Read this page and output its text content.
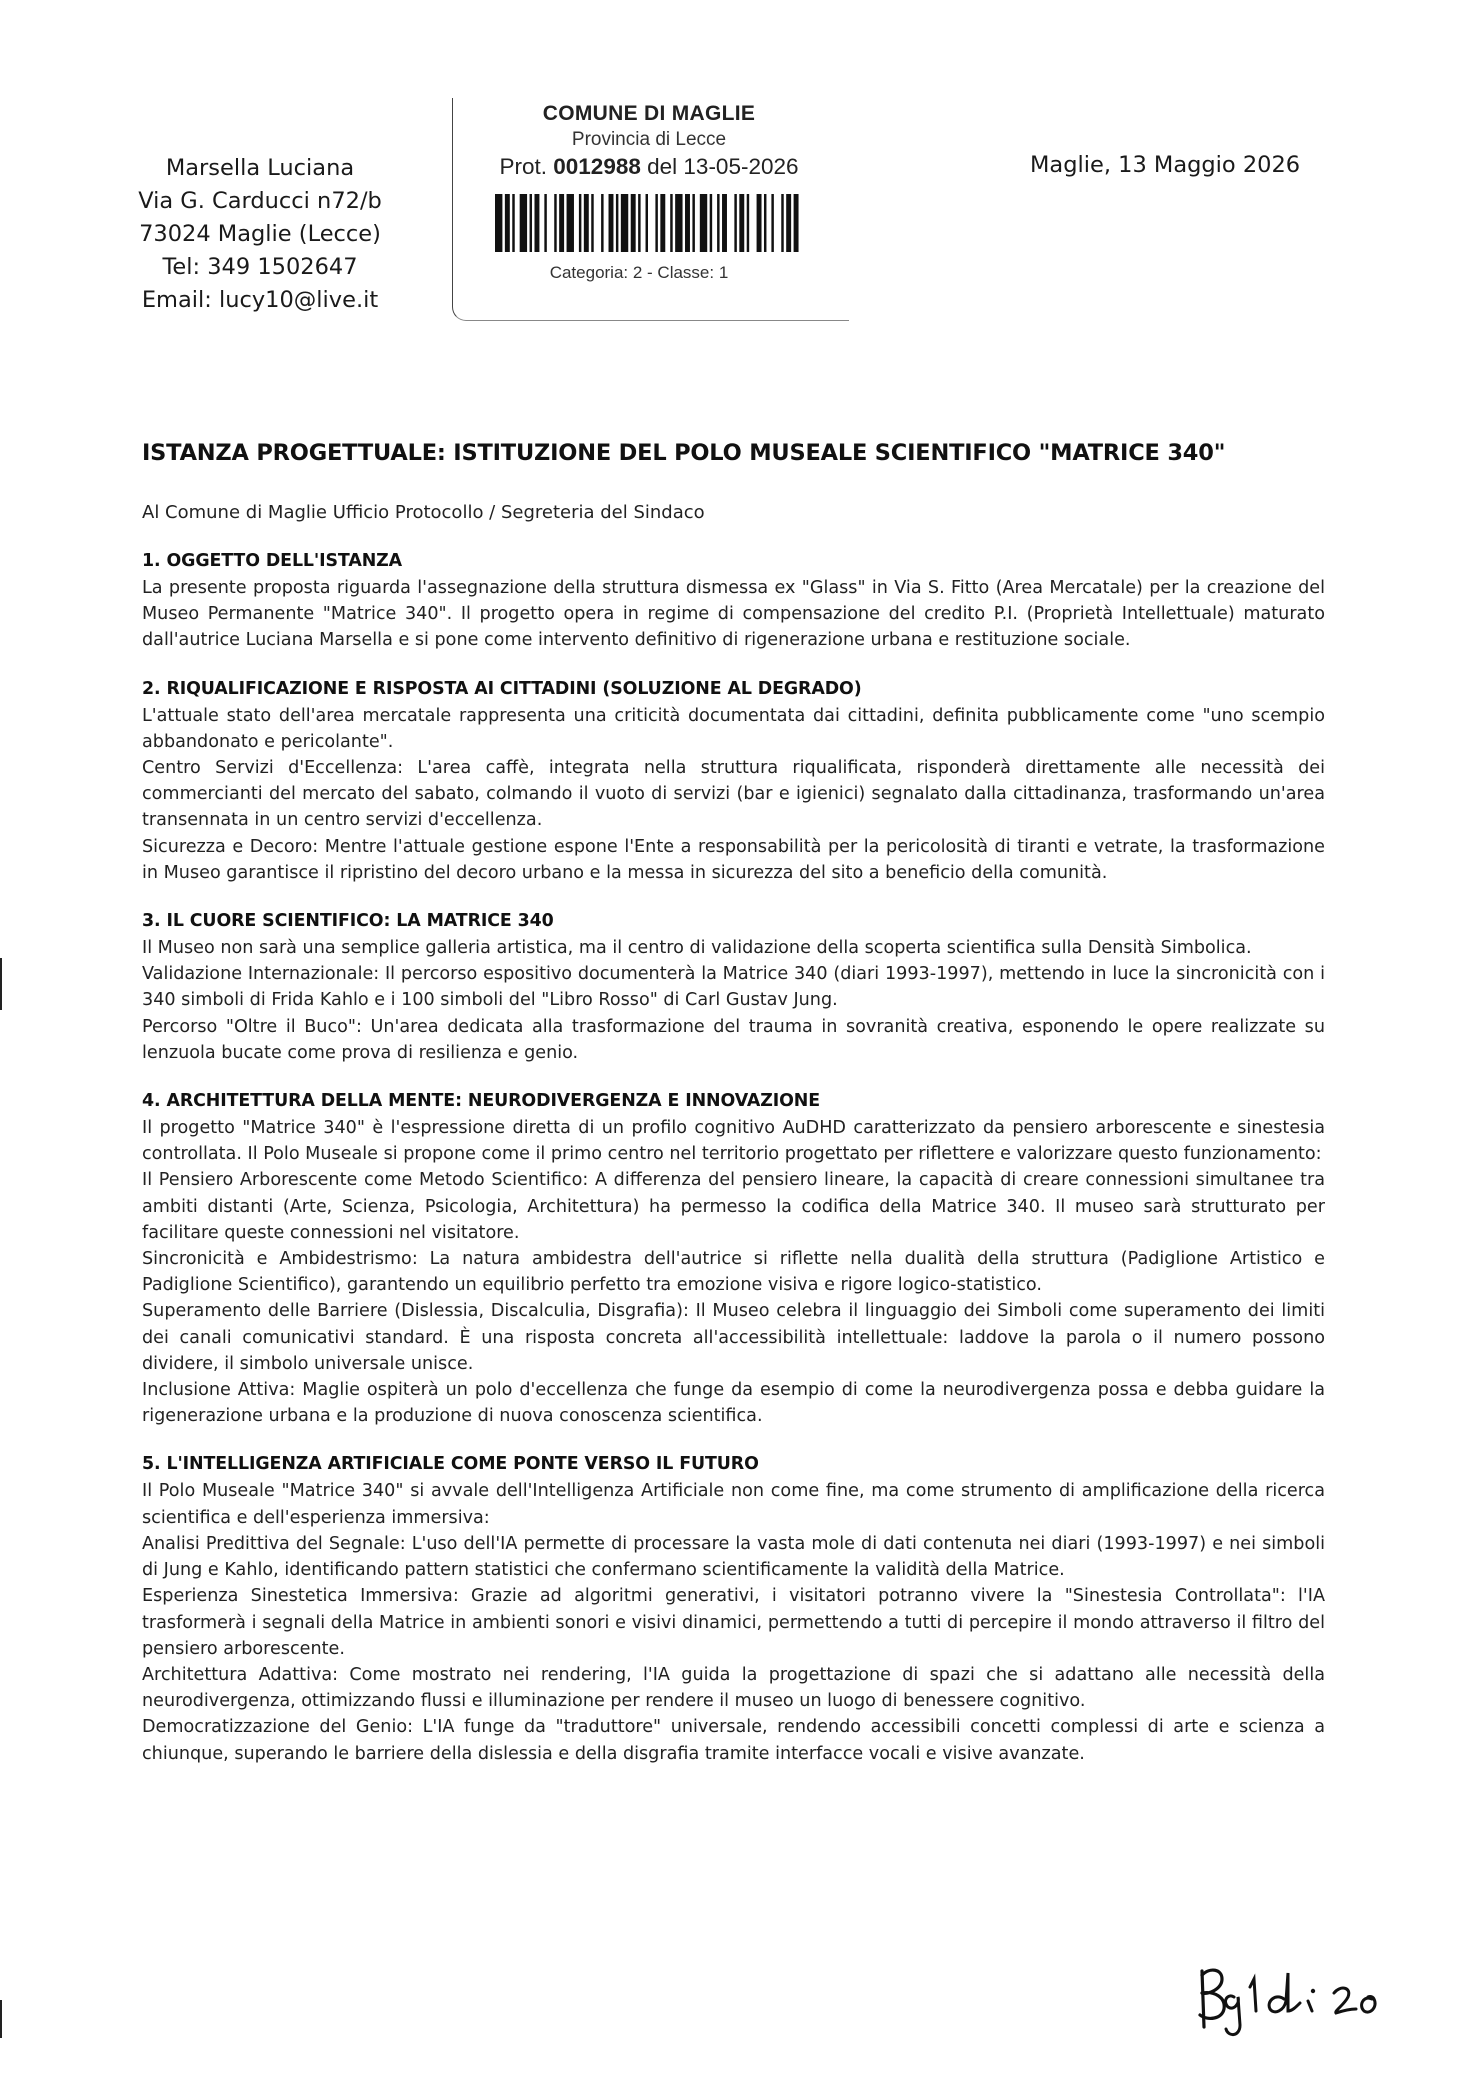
Marsella Luciana
Via G. Carducci n72/b
73024 Maglie (Lecce)
Tel: 349 1502647
Email: lucy10@live.it
COMUNE DI MAGLIE
Provincia di Lecce
Prot. 0012988 del 13-05-2026
Categoria: 2 - Classe: 1
Maglie, 13 Maggio 2026
ISTANZA PROGETTUALE: ISTITUZIONE DEL POLO MUSEALE SCIENTIFICO "MATRICE 340"
Al Comune di Maglie Ufficio Protocollo / Segreteria del Sindaco
1. OGGETTO DELL'ISTANZA

La presente proposta riguarda l'assegnazione della struttura dismessa ex "Glass" in Via S. Fitto (Area Mercatale) per la creazione del Museo Permanente "Matrice 340". Il progetto opera in regime di compensazione del credito P.I. (Proprietà Intellettuale) maturato dall'autrice Luciana Marsella e si pone come intervento definitivo di rigenerazione urbana e restituzione sociale.

2. RIQUALIFICAZIONE E RISPOSTA AI CITTADINI (SOLUZIONE AL DEGRADO)

L'attuale stato dell'area mercatale rappresenta una criticità documentata dai cittadini, definita pubblicamente come "uno scempio abbandonato e pericolante".

Centro Servizi d'Eccellenza: L'area caffè, integrata nella struttura riqualificata, risponderà direttamente alle necessità dei commercianti del mercato del sabato, colmando il vuoto di servizi (bar e igienici) segnalato dalla cittadinanza, trasformando un'area transennata in un centro servizi d'eccellenza.

Sicurezza e Decoro: Mentre l'attuale gestione espone l'Ente a responsabilità per la pericolosità di tiranti e vetrate, la trasformazione in Museo garantisce il ripristino del decoro urbano e la messa in sicurezza del sito a beneficio della comunità.

3. IL CUORE SCIENTIFICO: LA MATRICE 340

Il Museo non sarà una semplice galleria artistica, ma il centro di validazione della scoperta scientifica sulla Densità Simbolica.

Validazione Internazionale: Il percorso espositivo documenterà la Matrice 340 (diari 1993-1997), mettendo in luce la sincronicità con i 340 simboli di Frida Kahlo e i 100 simboli del "Libro Rosso" di Carl Gustav Jung.

Percorso "Oltre il Buco": Un'area dedicata alla trasformazione del trauma in sovranità creativa, esponendo le opere realizzate su lenzuola bucate come prova di resilienza e genio.

4. ARCHITETTURA DELLA MENTE: NEURODIVERGENZA E INNOVAZIONE

Il progetto "Matrice 340" è l'espressione diretta di un profilo cognitivo AuDHD caratterizzato da pensiero arborescente e sinestesia controllata. Il Polo Museale si propone come il primo centro nel territorio progettato per riflettere e valorizzare questo funzionamento:

Il Pensiero Arborescente come Metodo Scientifico: A differenza del pensiero lineare, la capacità di creare connessioni simultanee tra ambiti distanti (Arte, Scienza, Psicologia, Architettura) ha permesso la codifica della Matrice 340. Il museo sarà strutturato per facilitare queste connessioni nel visitatore.

Sincronicità e Ambidestrismo: La natura ambidestra dell'autrice si riflette nella dualità della struttura (Padiglione Artistico e Padiglione Scientifico), garantendo un equilibrio perfetto tra emozione visiva e rigore logico-statistico.

Superamento delle Barriere (Dislessia, Discalculia, Disgrafia): Il Museo celebra il linguaggio dei Simboli come superamento dei limiti dei canali comunicativi standard. È una risposta concreta all'accessibilità intellettuale: laddove la parola o il numero possono dividere, il simbolo universale unisce.

Inclusione Attiva: Maglie ospiterà un polo d'eccellenza che funge da esempio di come la neurodivergenza possa e debba guidare la rigenerazione urbana e la produzione di nuova conoscenza scientifica.

5. L'INTELLIGENZA ARTIFICIALE COME PONTE VERSO IL FUTURO

Il Polo Museale "Matrice 340" si avvale dell'Intelligenza Artificiale non come fine, ma come strumento di amplificazione della ricerca scientifica e dell'esperienza immersiva:

Analisi Predittiva del Segnale: L'uso dell'IA permette di processare la vasta mole di dati contenuta nei diari (1993-1997) e nei simboli di Jung e Kahlo, identificando pattern statistici che confermano scientificamente la validità della Matrice.

Esperienza Sinestetica Immersiva: Grazie ad algoritmi generativi, i visitatori potranno vivere la "Sinestesia Controllata": l'IA trasformerà i segnali della Matrice in ambienti sonori e visivi dinamici, permettendo a tutti di percepire il mondo attraverso il filtro del pensiero arborescente.

Architettura Adattiva: Come mostrato nei rendering, l'IA guida la progettazione di spazi che si adattano alle necessità della neurodivergenza, ottimizzando flussi e illuminazione per rendere il museo un luogo di benessere cognitivo.

Democratizzazione del Genio: L'IA funge da "traduttore" universale, rendendo accessibili concetti complessi di arte e scienza a chiunque, superando le barriere della dislessia e della disgrafia tramite interfacce vocali e visive avanzate.
